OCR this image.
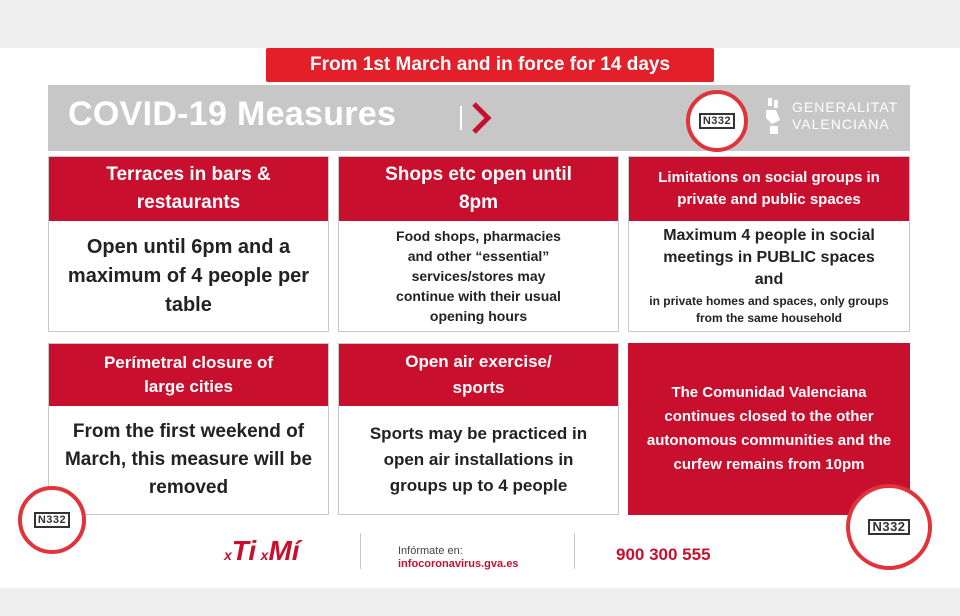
From 1st March and in force for 14 days
COVID-19 Measures	N332
GENERALITAT
VALENCIANA
Terraces in bars & restaurants
Open until 6pm and a maximum of 4 people per table
Shops etc open until 8pm
Food shops, pharmacies and other “essential” services/stores may continue with their usual opening hours
Limitations on social groups in private and public spaces
Maximum 4 people in social meetings in PUBLIC spaces and
in private homes and spaces, only groups from the same household
Perímetral closure of large cities
From the first weekend of March, this measure will be removed
Open air exercise/ sports
Sports may be practiced in open air installations in groups up to 4 people
The Comunidad Valenciana continues closed to the other autonomous communities and the curfew remains from 10pm
N332	N332
xTi xMí	Infórmate en:
infocoronavirus.gva.es	900 300 555
